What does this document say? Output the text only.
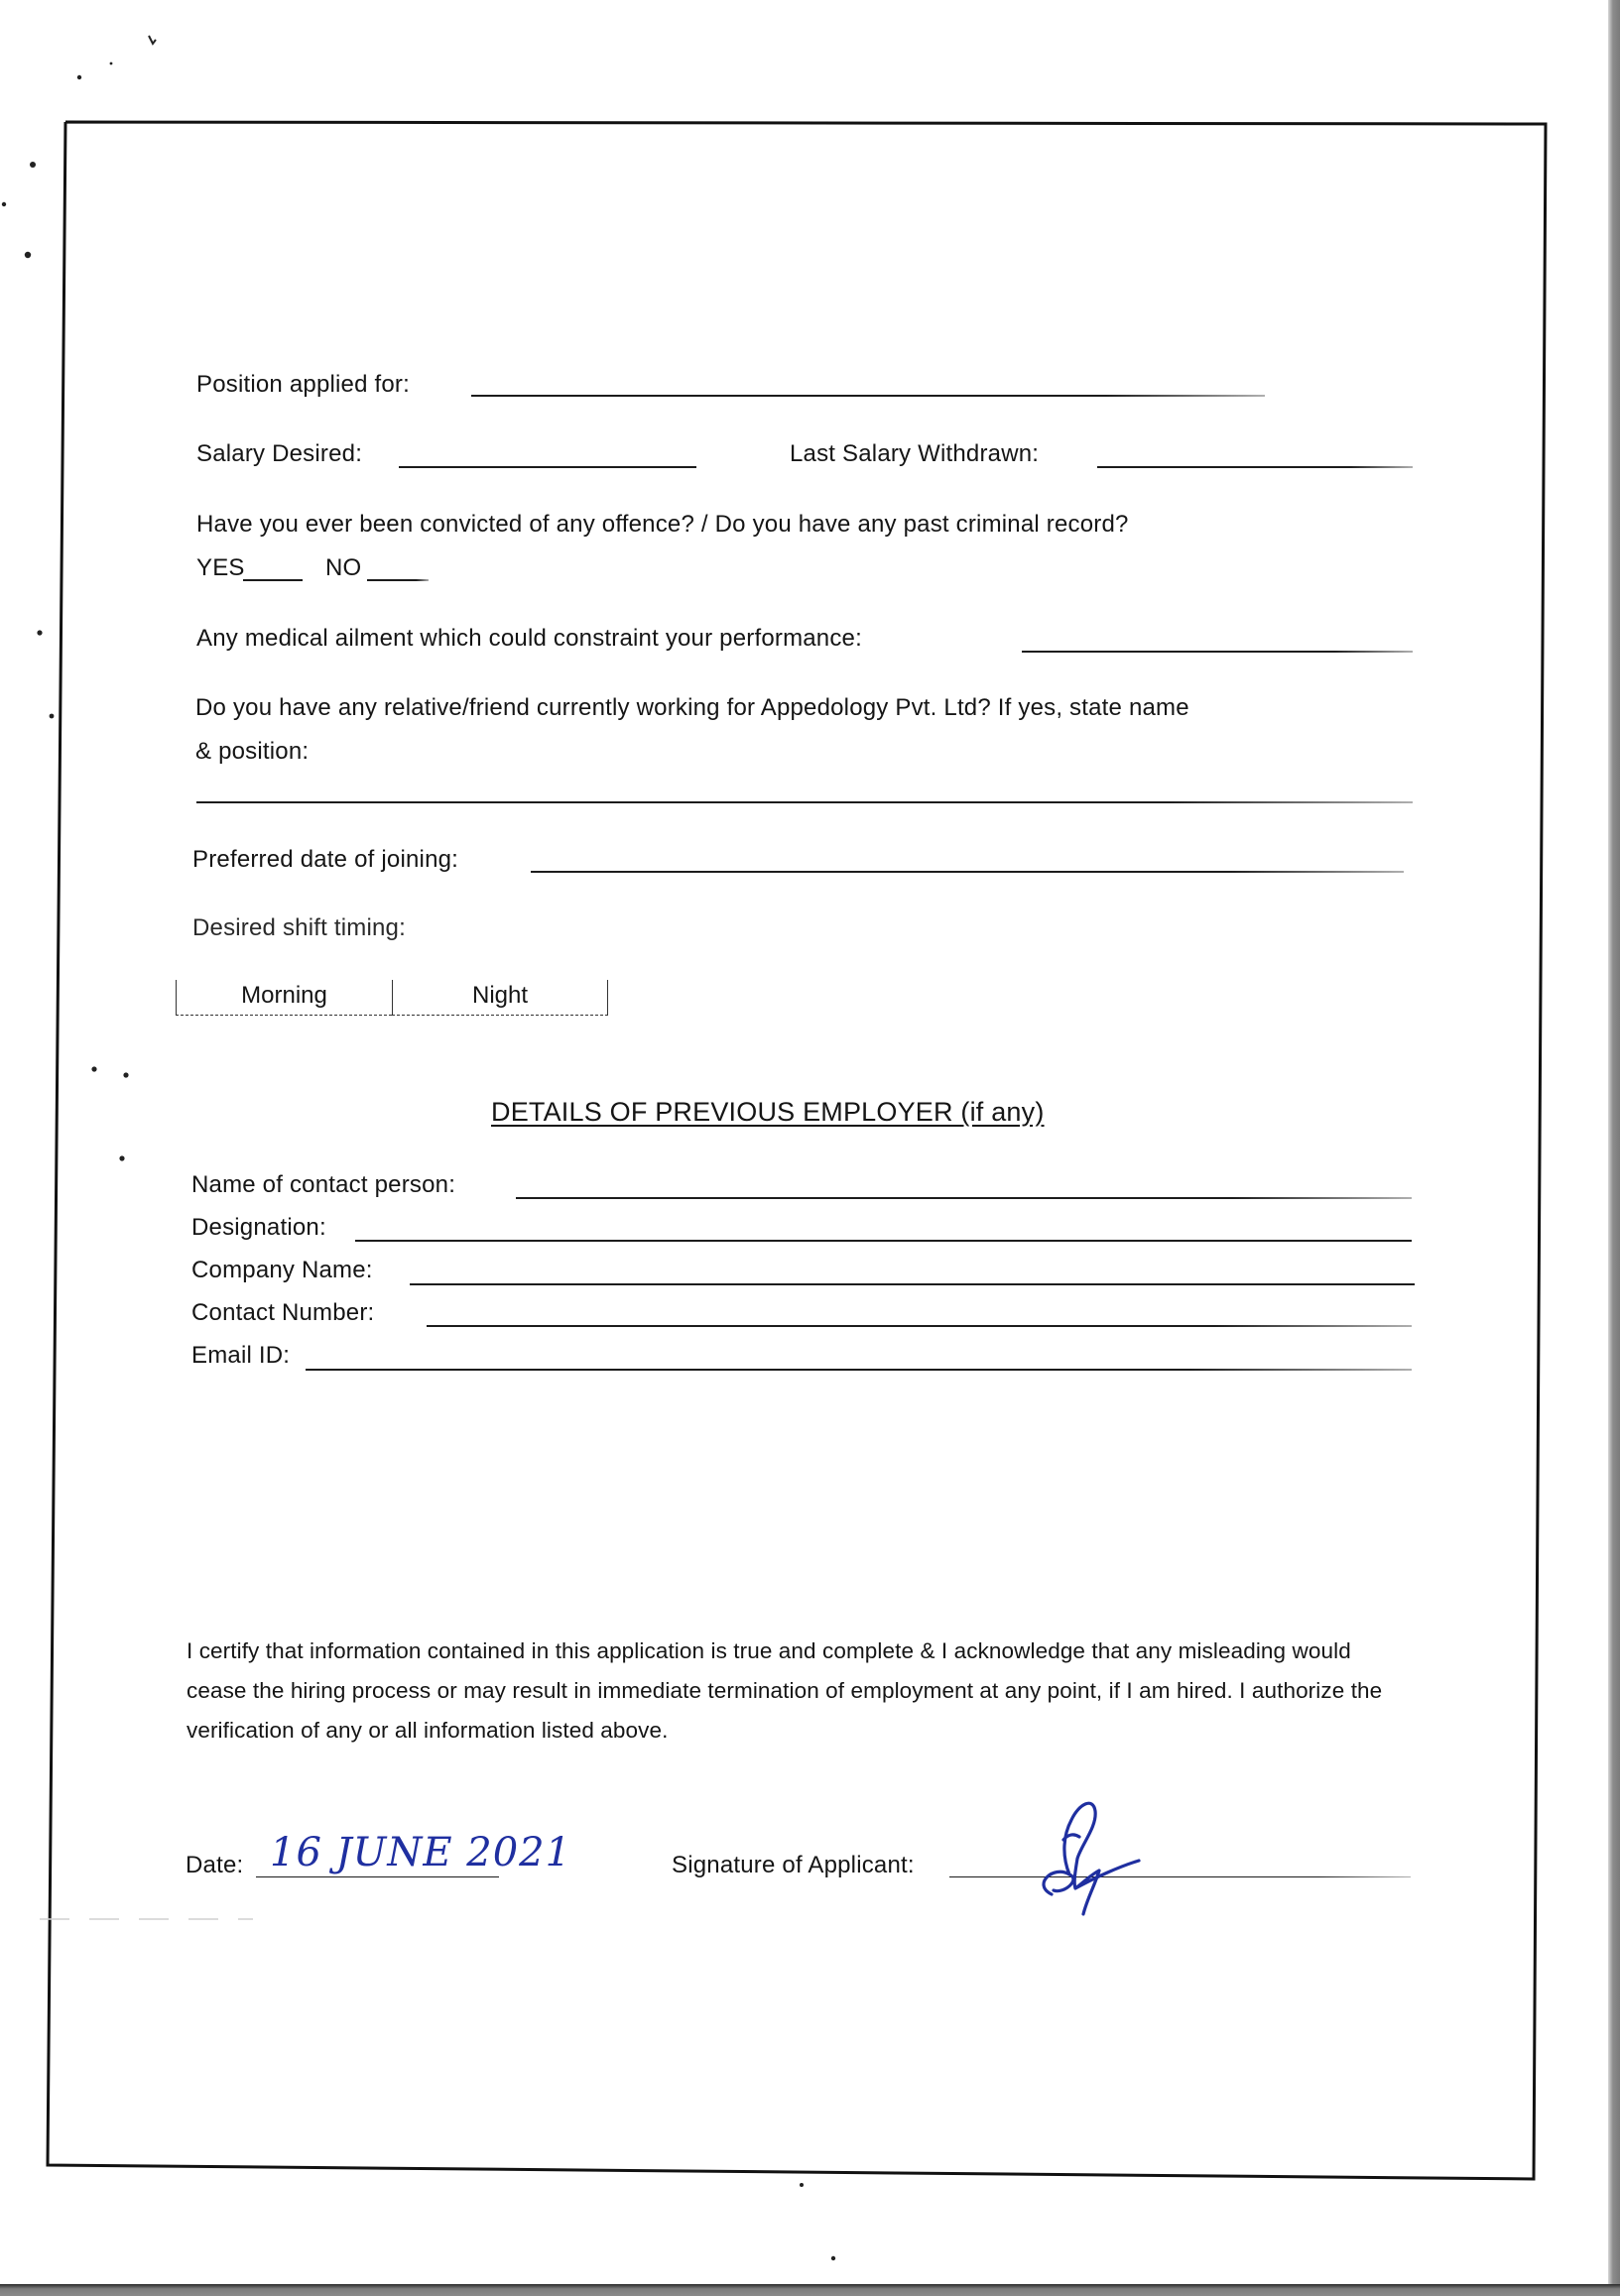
Position applied for:
Salary Desired:	Last Salary Withdrawn:
Have you ever been convicted of any offence? / Do you have any past criminal record?
YES	NO
Any medical ailment which could constraint your performance:
Do you have any relative/friend currently working for Appedology Pvt. Ltd? If yes, state name
& position:
Preferred date of joining:
Desired shift timing:
Morning	Night
DETAILS OF PREVIOUS EMPLOYER (if any)
Name of contact person:
Designation:
Company Name:
Contact Number:
Email ID:
I certify that information contained in this application is true and complete & I acknowledge that any misleading would cease the hiring process or may result in immediate termination of employment at any point, if I am hired. I authorize the verification of any or all information listed above.
Date: 16 JUNE 2021	Signature of Applicant:
